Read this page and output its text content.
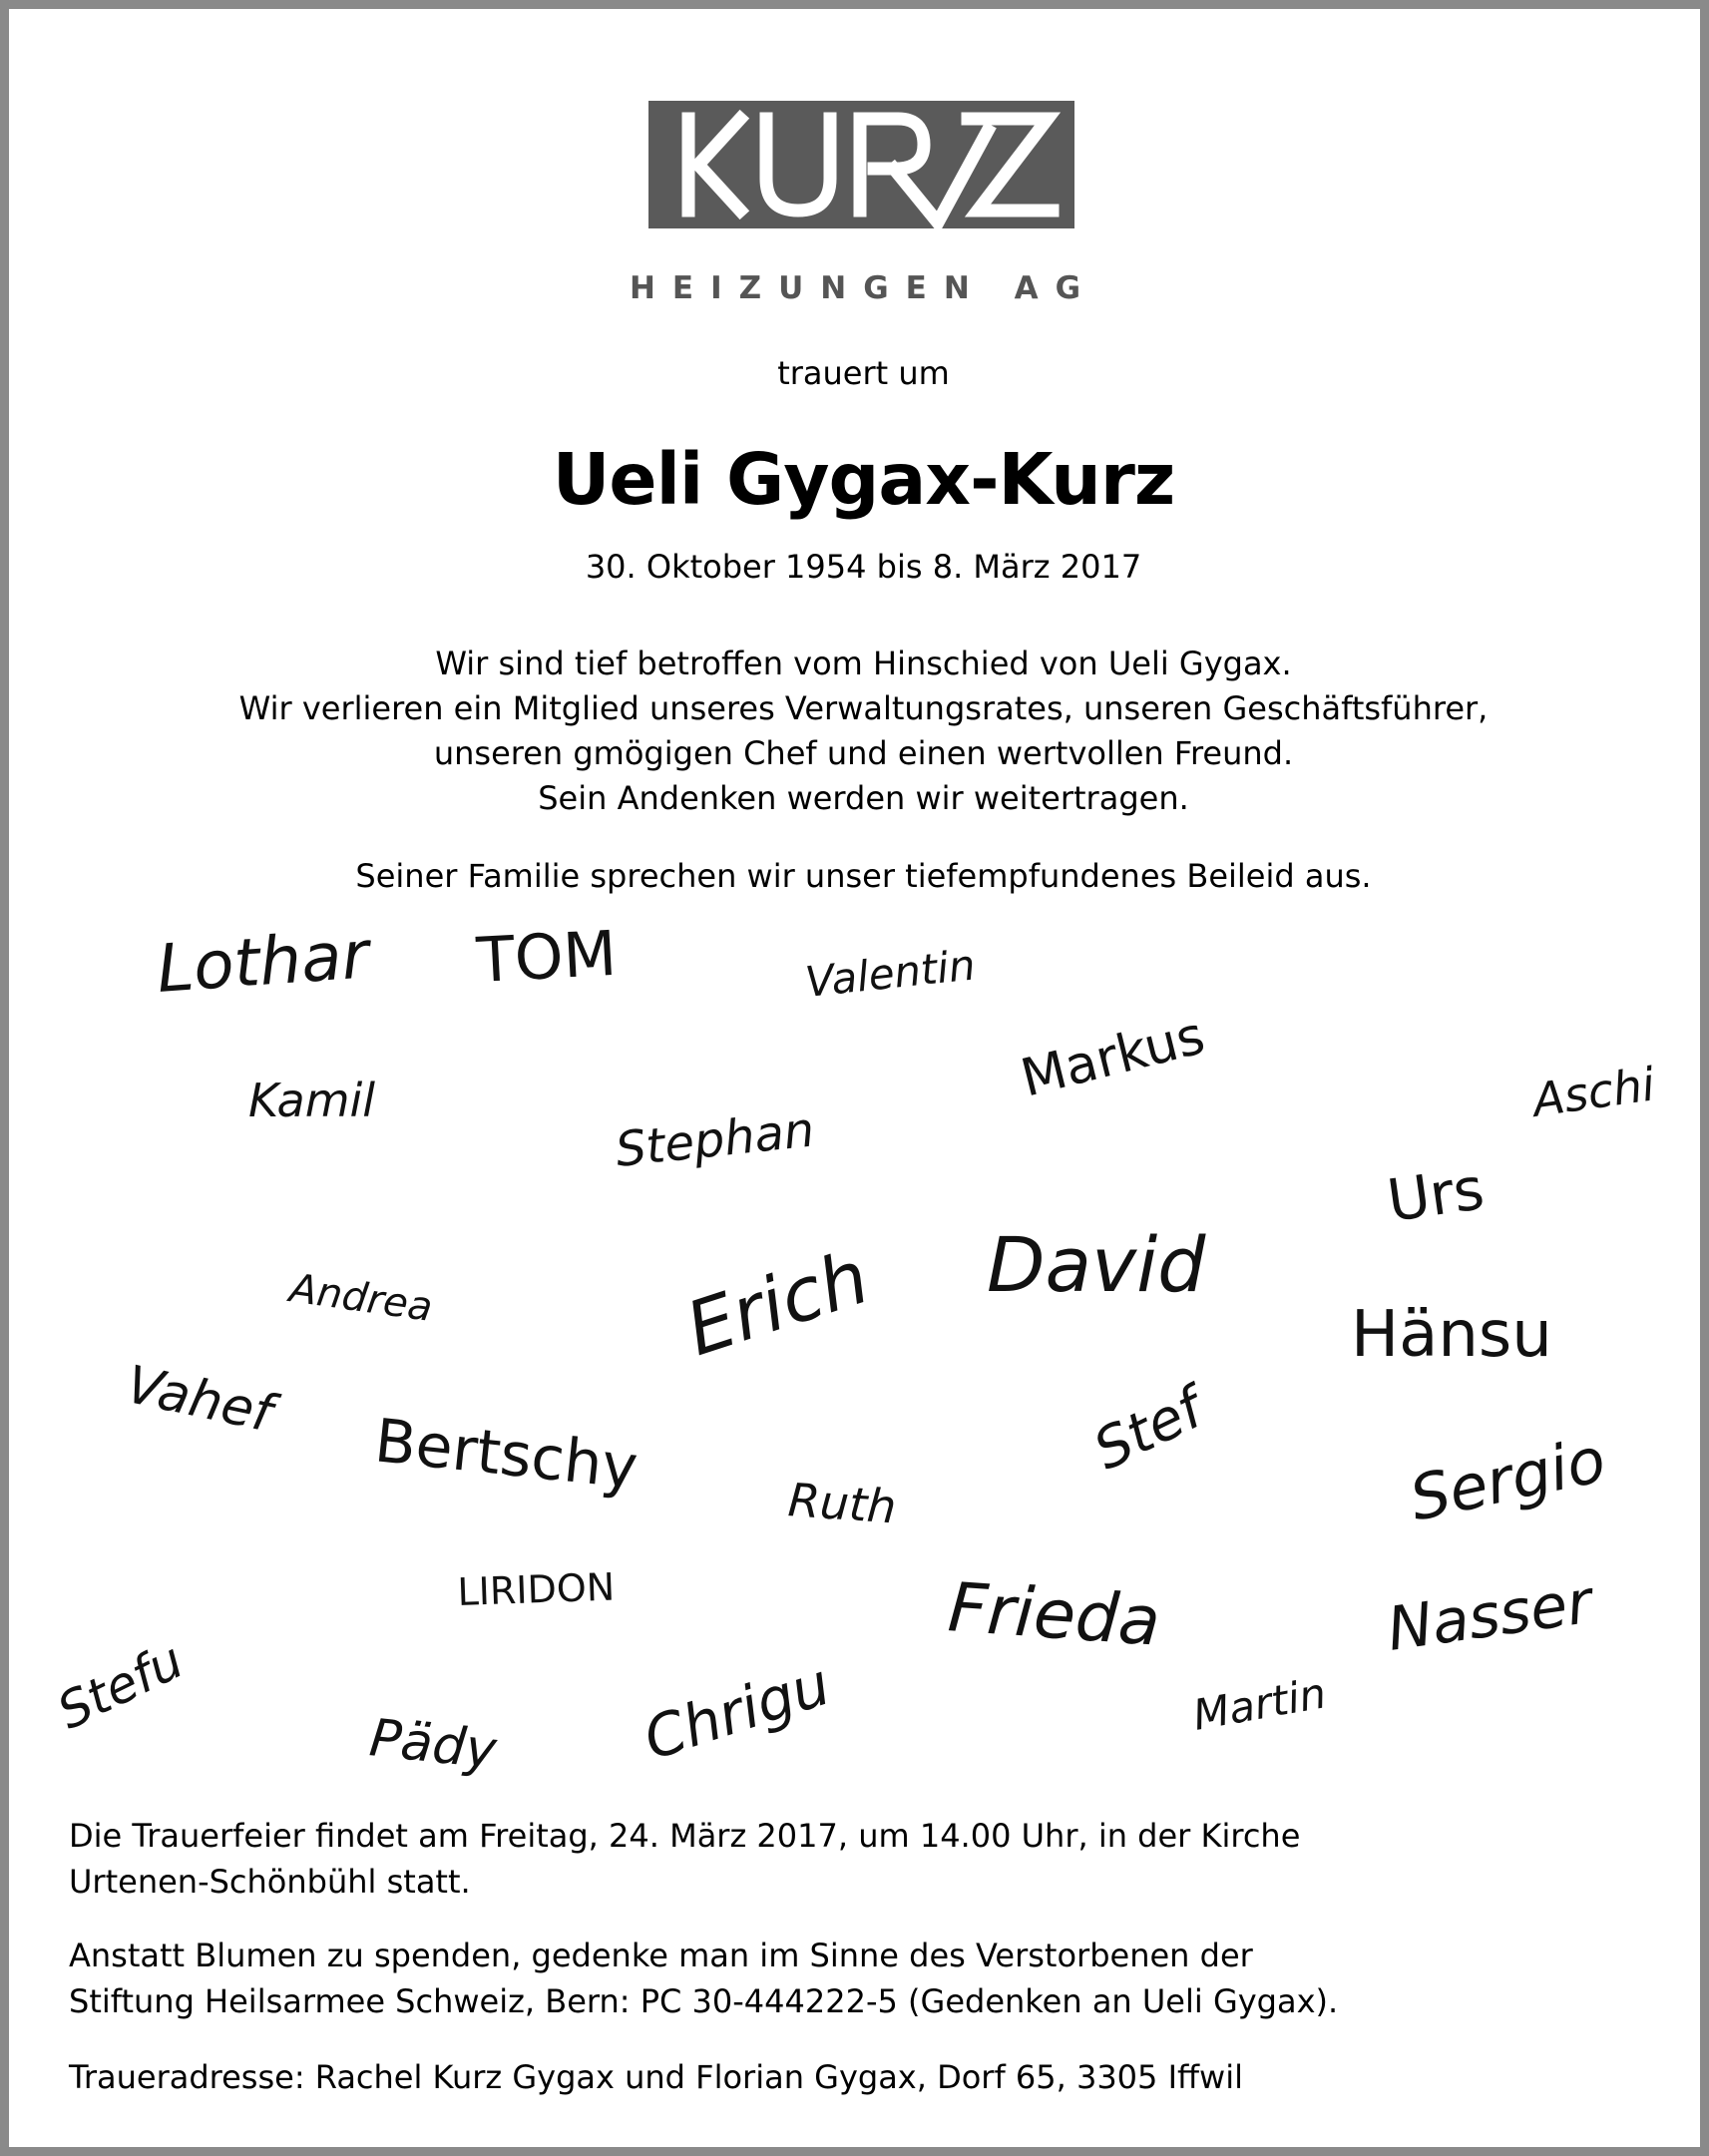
HEIZUNGEN AG
trauert um
Ueli Gygax-Kurz
30. Oktober 1954 bis 8. März 2017
Wir sind tief betroffen vom Hinschied von Ueli Gygax.
Wir verlieren ein Mitglied unseres Verwaltungsrates, unseren Geschäftsführer,
unseren gmögigen Chef und einen wertvollen Freund.
Sein Andenken werden wir weitertragen.
Seiner Familie sprechen wir unser tiefempfundenes Beileid aus.
Lothar TOM	Valentin
Markus
Kamil
Stephan
Aschi
Urs
Andrea	Erich David
Hänsu
Vahef
Bertschy	Stef	Sergio
Ruth
LIRIDON	Frieda	Nasser
Stefu	Chrigu	Martin
Pädy
Die Trauerfeier findet am Freitag, 24. März 2017, um 14.00 Uhr, in der Kirche
Urtenen-Schönbühl statt.
Anstatt Blumen zu spenden, gedenke man im Sinne des Verstorbenen der
Stiftung Heilsarmee Schweiz, Bern: PC 30-444222-5 (Gedenken an Ueli Gygax).
Traueradresse: Rachel Kurz Gygax und Florian Gygax, Dorf 65, 3305 Iffwil
